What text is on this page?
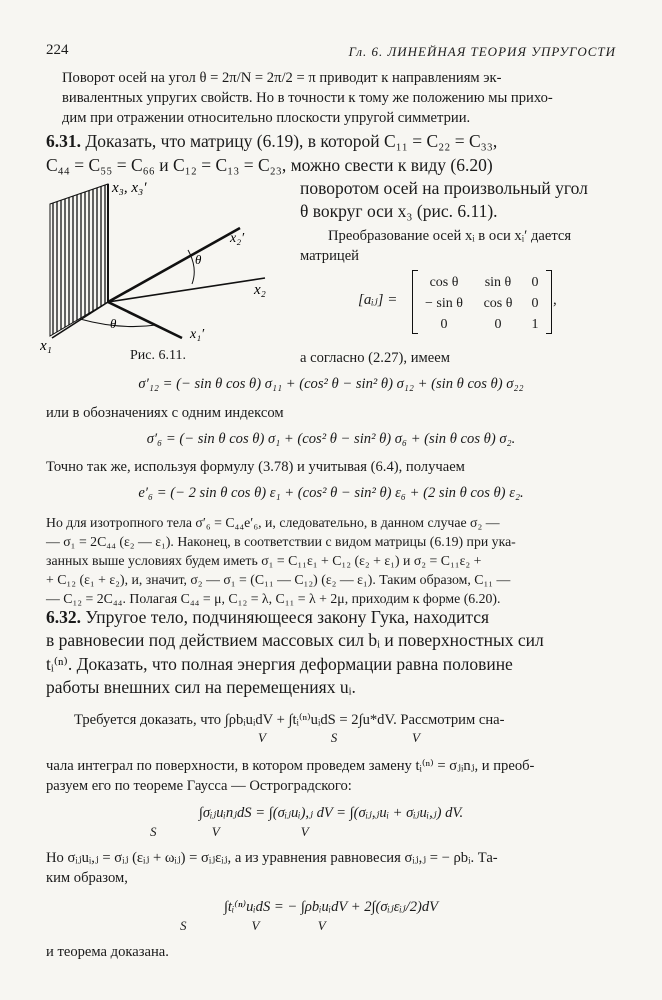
224	Гл. 6. ЛИНЕЙНАЯ ТЕОРИЯ УПРУГОСТИ
Поворот осей на угол θ = 2π/N = 2π/2 = π приводит к направлениям эк-
вивалентных упругих свойств. Но в точности к тому же положению мы прихо-
дим при отражении относительно плоскости упругой симметрии.
6.31. Доказать, что матрицу (6.19), в которой C₁₁ = C₂₂ = C₃₃,
C₄₄ = C₅₅ = C₆₆ и C₁₂ = C₁₃ = C₂₃, можно свести к виду (6.20)
поворотом осей на произвольный угол
θ вокруг оси x₃ (рис. 6.11).
x₃, x₃′
x₂′
x₂
x₁′
x₁
θ
θ
Рис. 6.11.
Преобразование осей xᵢ в оси xᵢ′ дается
матрицей
[aᵢⱼ] =
cos θ	sin θ	0
− sin θ	cos θ	0
0	0	1
,
а согласно (2.27), имеем
σ′₁₂ = (− sin θ cos θ) σ₁₁ + (cos² θ − sin² θ) σ₁₂ + (sin θ cos θ) σ₂₂
или в обозначениях с одним индексом
σ′₆ = (− sin θ cos θ) σ₁ + (cos² θ − sin² θ) σ₆ + (sin θ cos θ) σ₂.
Точно так же, используя формулу (3.78) и учитывая (6.4), получаем
e′₆ = (− 2 sin θ cos θ) ε₁ + (cos² θ − sin² θ) ε₆ + (2 sin θ cos θ) ε₂.
Но для изотропного тела σ′₆ = C₄₄e′₆, и, следовательно, в данном случае σ₂ —
— σ₁ = 2C₄₄ (ε₂ — ε₁). Наконец, в соответствии с видом матрицы (6.19) при ука-
занных выше условиях будем иметь σ₁ = C₁₁ε₁ + C₁₂ (ε₂ + ε₁) и σ₂ = C₁₁ε₂ +
+ C₁₂ (ε₁ + ε₂), и, значит, σ₂ — σ₁ = (C₁₁ — C₁₂) (ε₂ — ε₁). Таким образом, C₁₁ —
— C₁₂ = 2C₄₄. Полагая C₄₄ = μ, C₁₂ = λ, C₁₁ = λ + 2μ, приходим к форме (6.20).
6.32. Упругое тело, подчиняющееся закону Гука, находится
в равновесии под действием массовых сил bᵢ и поверхностных сил
tᵢ⁽ⁿ⁾. Доказать, что полная энергия деформации равна половине
работы внешних сил на перемещениях uᵢ.
Требуется доказать, что ∫ρbᵢuᵢdV + ∫tᵢ⁽ⁿ⁾uᵢdS = 2∫u*dV. Рассмотрим сна-
V                    S                       V
чала интеграл по поверхности, в котором проведем замену tᵢ⁽ⁿ⁾ = σⱼᵢnⱼ, и преоб-
разуем его по теореме Гаусса — Остроградского:
∫σᵢⱼuᵢnⱼdS = ∫(σᵢⱼuᵢ),ⱼ dV = ∫(σᵢⱼ,ⱼuᵢ + σᵢⱼuᵢ,ⱼ) dV.
S                 V                         V
Но σᵢⱼuᵢ,ⱼ = σᵢⱼ (εᵢⱼ + ωᵢⱼ) = σᵢⱼεᵢⱼ, а из уравнения равновесия σᵢⱼ,ⱼ = − ρbᵢ. Та-
ким образом,
∫tᵢ⁽ⁿ⁾uᵢdS = − ∫ρbᵢuᵢdV + 2∫(σᵢⱼεᵢⱼ/2)dV
S                    V                  V
и теорема доказана.
